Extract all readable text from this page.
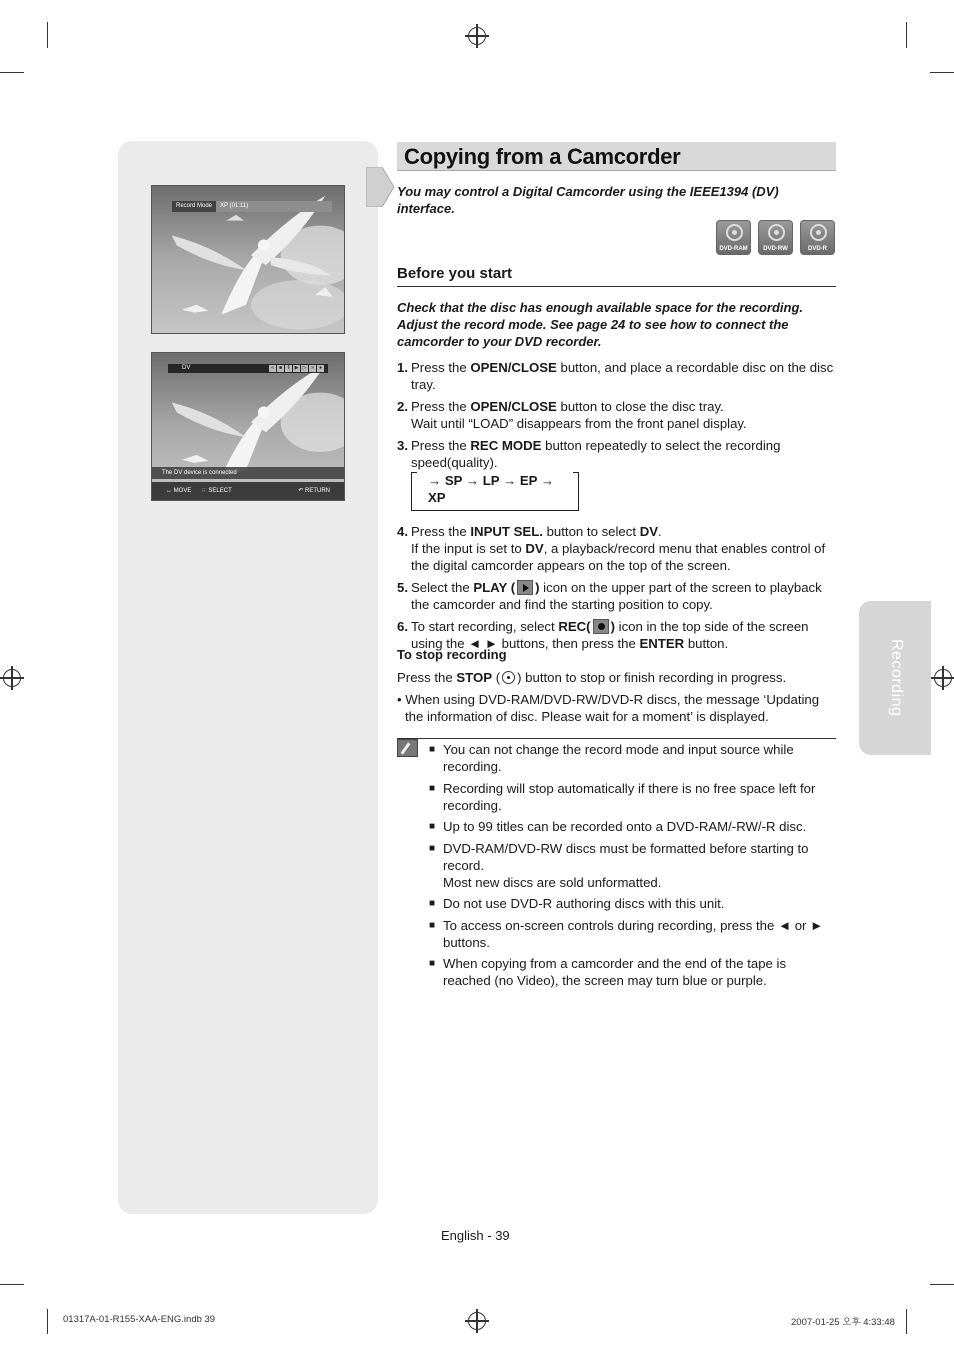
Record Mode	XP (01:11)
DV	«	■	‖	▶ ▷ »	●
The DV device is connected
↔ MOVE ☞ SELECT	↶ RETURN
Copying from a Camcorder

You may control a Digital Camcorder using the IEEE1394 (DV) interface.

DVD-RAM	DVD-RW	DVD-R
Before you start

Check that the disc has enough available space for the recording. Adjust the record mode. See page 24 to see how to connect the camcorder to your DVD recorder.

1. Press the OPEN/CLOSE button, and place a recordable disc on the disc tray.
2. Press the OPEN/CLOSE button to close the disc tray.
Wait until “LOAD” disappears from the front panel display.
3. Press the REC MODE button repeatedly to select the recording speed(quality).
→ SP → LP → EP → XP
4. Press the INPUT SEL. button to select DV.
If the input is set to DV, a playback/record menu that enables control of the digital camcorder appears on the top of the screen.
5. Select the PLAY ( ) icon on the upper part of the screen to playback the camcorder and find the starting position to copy.
6. To start recording, select REC( ) icon in the top side of the screen using the ◄ ► buttons, then press the ENTER button.
To stop recording
Press the STOP ( ) button to stop or finish recording in progress.
• When using DVD-RAM/DVD-RW/DVD-R discs, the message ‘Updating the information of disc. Please wait for a moment’ is displayed.
■ You can not change the record mode and input source while recording.
■ Recording will stop automatically if there is no free space left for recording.
■ Up to 99 titles can be recorded onto a DVD-RAM/-RW/-R disc.
■ DVD-RAM/DVD-RW discs must be formatted before starting to record.
Most new discs are sold unformatted.
■ Do not use DVD-R authoring discs with this unit.
■ To access on-screen controls during recording, press the ◄ or ► buttons.
■ When copying from a camcorder and the end of the tape is reached (no Video), the screen may turn blue or purple.
Recording
English - 39
01317A-01-R155-XAA-ENG.indb 39	2007-01-25 오후 4:33:48
